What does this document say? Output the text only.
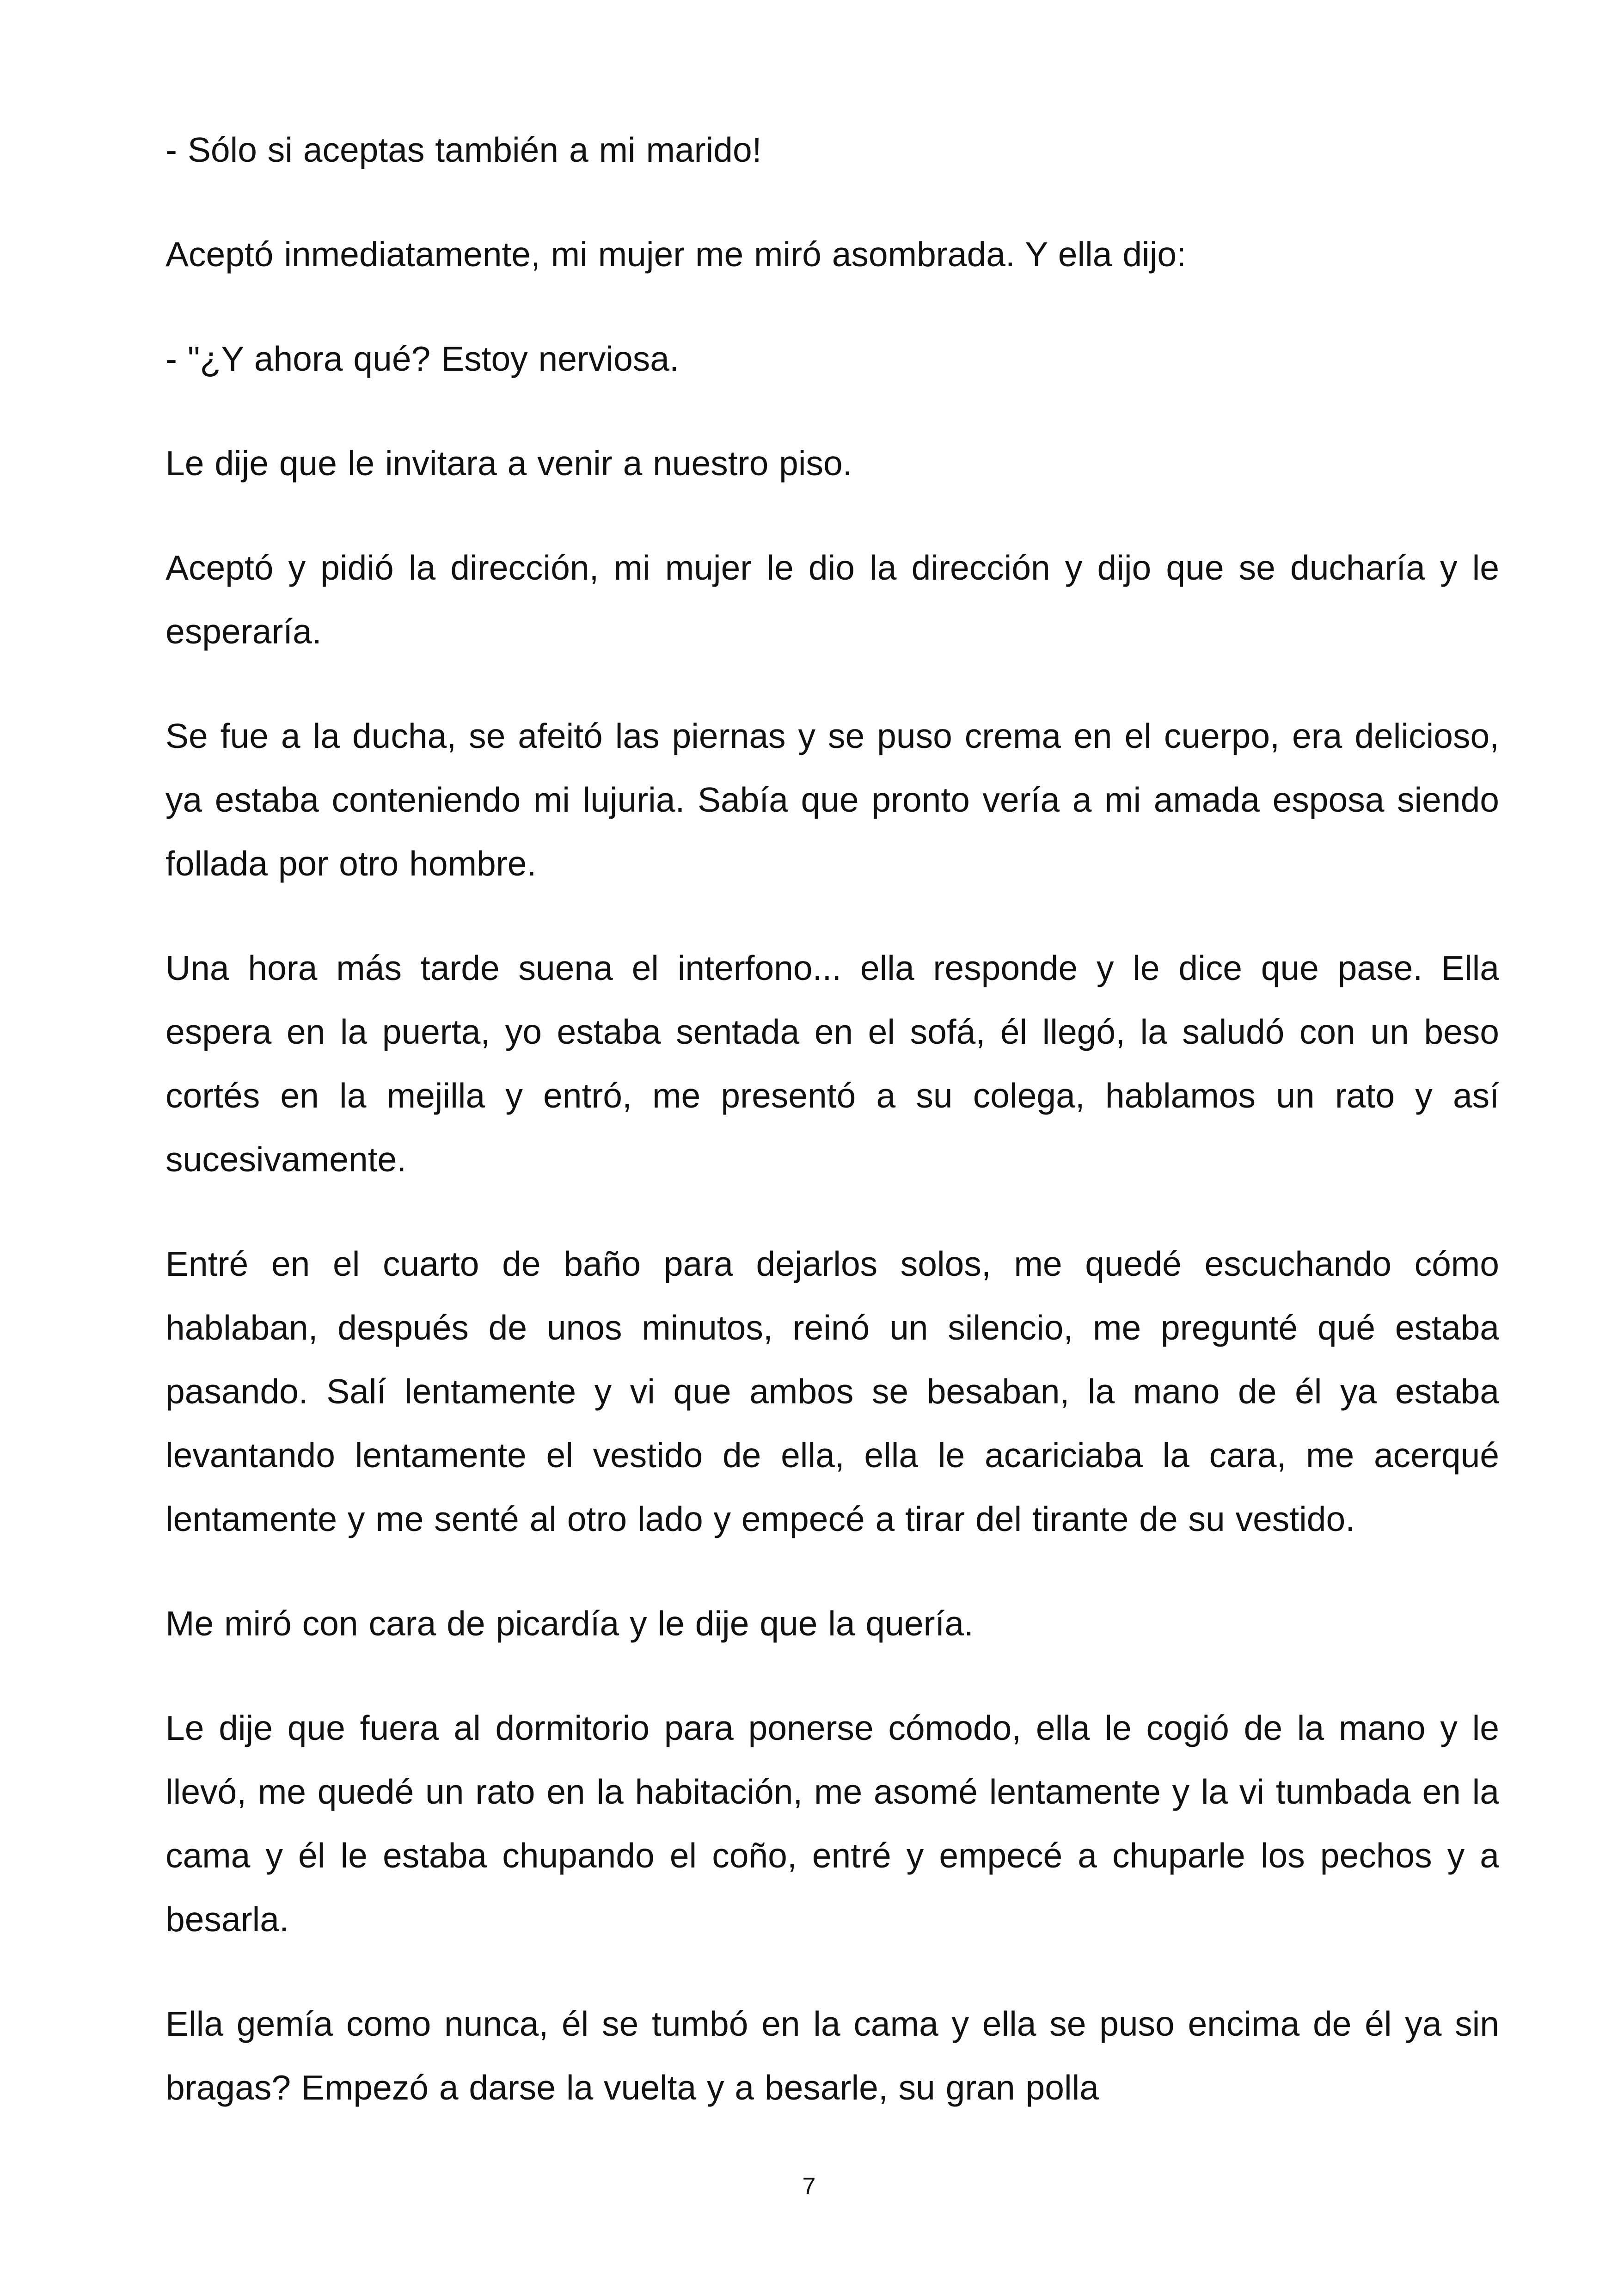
- Sólo si aceptas también a mi marido!

Aceptó inmediatamente, mi mujer me miró asombrada. Y ella dijo:

- "¿Y ahora qué? Estoy nerviosa.

Le dije que le invitara a venir a nuestro piso.

Aceptó y pidió la dirección, mi mujer le dio la dirección y dijo que se ducharía y le esperaría.

Se fue a la ducha, se afeitó las piernas y se puso crema en el cuerpo, era delicioso, ya estaba conteniendo mi lujuria. Sabía que pronto vería a mi amada esposa siendo follada por otro hombre.

Una hora más tarde suena el interfono... ella responde y le dice que pase. Ella espera en la puerta, yo estaba sentada en el sofá, él llegó, la saludó con un beso cortés en la mejilla y entró, me presentó a su colega, hablamos un rato y así sucesivamente.

Entré en el cuarto de baño para dejarlos solos, me quedé escuchando cómo hablaban, después de unos minutos, reinó un silencio, me pregunté qué estaba pasando. Salí lentamente y vi que ambos se besaban, la mano de él ya estaba levantando lentamente el vestido de ella, ella le acariciaba la cara, me acerqué lentamente y me senté al otro lado y empecé a tirar del tirante de su vestido.

Me miró con cara de picardía y le dije que la quería.

Le dije que fuera al dormitorio para ponerse cómodo, ella le cogió de la mano y le llevó, me quedé un rato en la habitación, me asomé lentamente y la vi tumbada en la cama y él le estaba chupando el coño, entré y empecé a chuparle los pechos y a besarla.

Ella gemía como nunca, él se tumbó en la cama y ella se puso encima de él ya sin bragas? Empezó a darse la vuelta y a besarle, su gran polla

7
